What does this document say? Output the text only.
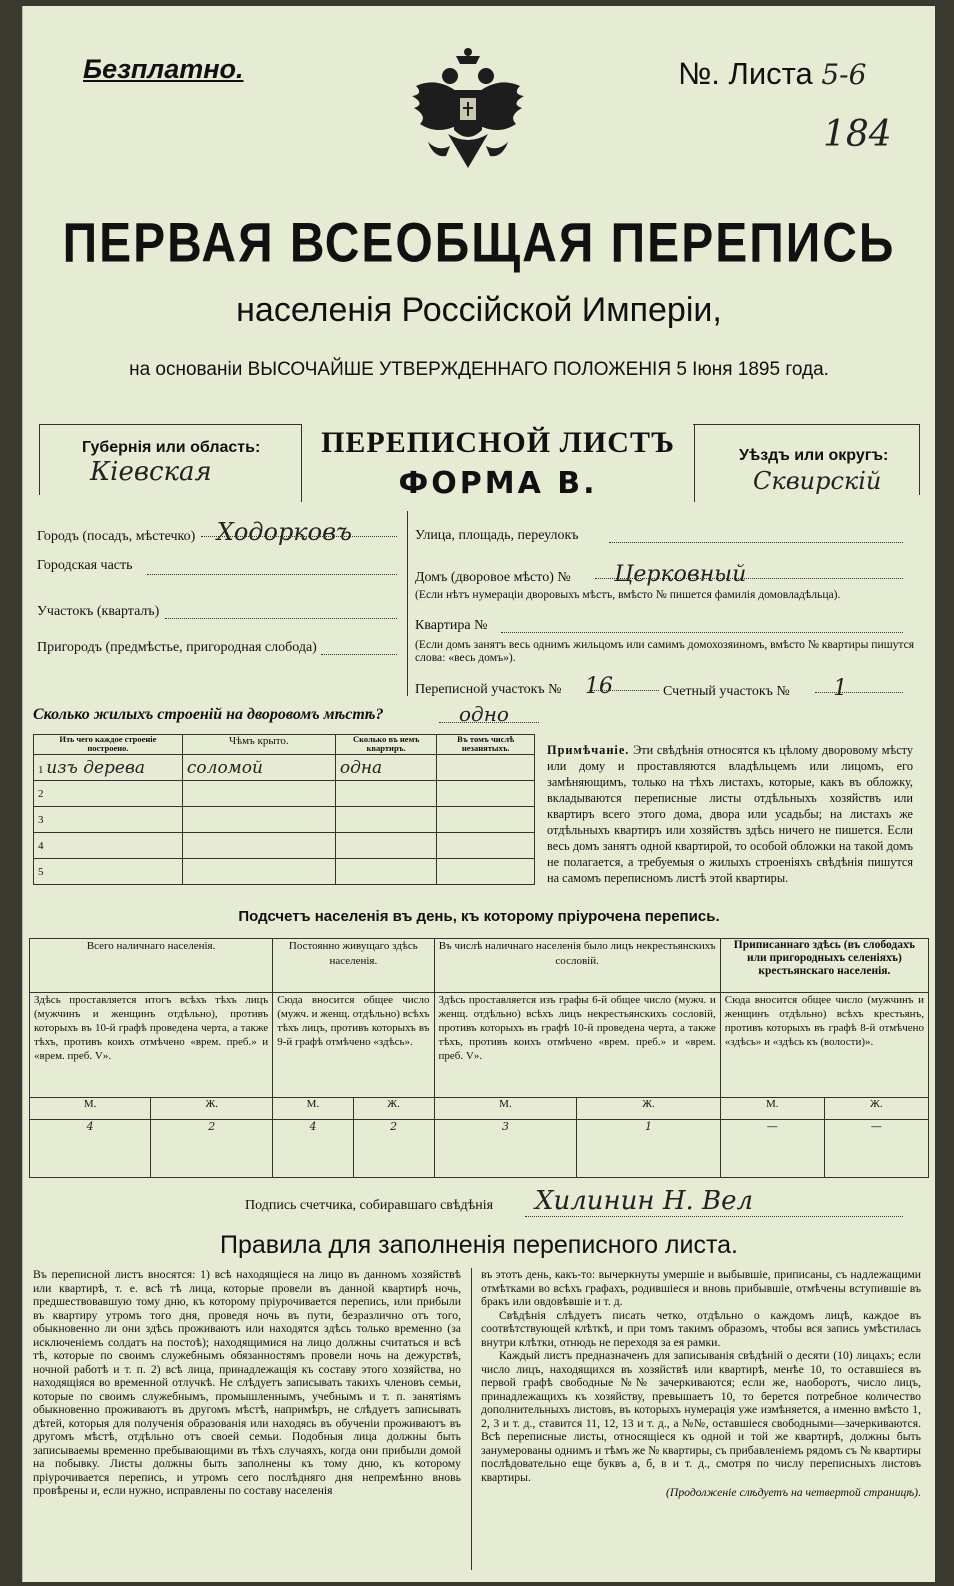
Безплатно.	№. Листа 5-6
184
ПЕРВАЯ ВСЕОБЩАЯ ПЕРЕПИСЬ
населенія Россійской Имперіи,
на основаніи ВЫСОЧАЙШЕ УТВЕРЖДЕННАГО ПОЛОЖЕНІЯ 5 Іюня 1895 года.
Губернія или область:
Кіевская
ПЕРЕПИСНОЙ ЛИСТЪ
ФОРМА В.
Уѣздъ или округъ:
Сквирскій
Городъ (посадъ, мѣстечко) Ходорковъ
Городская часть
Участокъ (кварталъ)
Пригородъ (предмѣстье, пригородная слобода)
Улица, площадь, переулокъ
Домъ (дворовое мѣсто) № Церковный
(Если нѣтъ нумераціи дворовыхъ мѣстъ, вмѣсто № пишется фамилія домовладѣльца).
Квартира №
(Если домъ занятъ весь однимъ жильцомъ или самимъ домохозяиномъ, вмѣсто № квартиры пишутся слова: «весь домъ»).
Переписной участокъ № 16	Счетный участокъ № 1
Сколько жилыхъ строеній на дворовомъ мѣстѣ?	одно
Изъ чего каждое строеніе построено.	Чѣмъ крыто.	Сколько въ немъ квартиръ.	Въ томъ числѣ незанятыхъ.
1 изъ дерева	соломой	одна	
2			
3			
4			
5			
Примѣчаніе. Эти свѣдѣнія относятся къ цѣлому дворовому мѣсту или дому и проставляются владѣльцемъ или лицомъ, его замѣняющимъ, только на тѣхъ листахъ, которые, какъ въ обложку, вкладываются переписные листы отдѣльныхъ хозяйствъ или квартиръ всего этого дома, двора или усадьбы; на листахъ же отдѣльныхъ квартиръ или хозяйствъ здѣсь ничего не пишется. Если весь домъ занятъ одной квартирой, то особой обложки на такой домъ не полагается, а требуемыя о жилыхъ строеніяхъ свѣдѣнія пишутся на самомъ переписномъ листѣ этой квартиры.
Подсчетъ населенія въ день, къ которому пріурочена перепись.
Всего наличнаго населенія.		Постоянно живущаго здѣсь населенія.		Въ числѣ наличнаго населенія было лицъ некрестьянскихъ сословій.		Приписаннаго здѣсь (въ слободахъ или пригородныхъ селеніяхъ) крестьянскаго населенія.	
Здѣсь проставляется итогъ всѣхъ тѣхъ лицъ (мужчинъ и женщинъ отдѣльно), противъ которыхъ въ 10-й графѣ проведена черта, а также тѣхъ, противъ коихъ отмѣчено «врем. преб.» и «врем. преб. V».		Сюда вносится общее число (мужч. и женщ. отдѣльно) всѣхъ тѣхъ лицъ, противъ которыхъ въ 9-й графѣ отмѣчено «здѣсь».		Здѣсь проставляется изъ графы 6-й общее число (мужч. и женщ. отдѣльно) всѣхъ лицъ некрестьянскихъ сословій, противъ которыхъ въ графѣ 10-й проведена черта, а также тѣхъ, противъ коихъ отмѣчено «врем. преб.» и «врем. преб. V».		Сюда вносится общее число (мужчинъ и женщинъ отдѣльно) всѣхъ крестьянъ, противъ которыхъ въ графѣ 8-й отмѣчено «здѣсь» и «здѣсь къ (волости)».	
М.	Ж.	М.	Ж.	М.	Ж.	М.	Ж.
4	2	4	2	3	1	—	—
Подпись счетчика, собиравшаго свѣдѣнія Хилинин Н. Вел
Правила для заполненія переписного листа.
Въ переписной листъ вносятся: 1) всѣ находящіеся на лицо въ данномъ хозяйствѣ или квартирѣ, т. е. всѣ тѣ лица, которые провели въ данной квартирѣ ночь, предшествовавшую тому дню, къ которому пріурочивается перепись, или прибыли въ квартиру утромъ того дня, проведя ночь въ пути, безразлично отъ того, обыкновенно ли они здѣсь проживаютъ или находятся здѣсь только временно (за исключеніемъ солдатъ на постоѣ); находящимися на лицо должны считаться и всѣ тѣ, которые по своимъ служебнымъ обязанностямъ провели ночь на дежурствѣ, ночной работѣ и т. п. 2) всѣ лица, принадлежащія къ составу этого хозяйства, но находящіяся во временной отлучкѣ. Не слѣдуетъ записывать такихъ членовъ семьи, которые по своимъ служебнымъ, промышленнымъ, учебнымъ и т. п. занятіямъ обыкновенно проживаютъ въ другомъ мѣстѣ, напримѣръ, не слѣдуетъ записывать дѣтей, которыя для полученія образованія или находясь въ обученіи проживаютъ въ другомъ мѣстѣ, отдѣльно отъ своей семьи. Подобныя лица должны быть записываемы временно пребывающими въ тѣхъ случаяхъ, когда они прибыли домой на побывку. Листы должны быть заполнены къ тому дню, къ которому пріурочивается перепись, и утромъ сего послѣдняго дня непремѣнно вновь провѣрены и, если нужно, исправлены по составу населенія
въ этотъ день, какъ-то: вычеркнуты умершіе и выбывшіе, приписаны, съ надлежащими отмѣтками во всѣхъ графахъ, родившіеся и вновь прибывшіе, отмѣчены вступившіе въ бракъ или овдовѣвшіе и т. д.
Свѣдѣнія слѣдуетъ писать четко, отдѣльно о каждомъ лицѣ, каждое въ соотвѣтствующей клѣткѣ, и при томъ такимъ образомъ, чтобы вся запись умѣстилась внутри клѣтки, отнюдь не переходя за ея рамки.
Каждый листъ предназначенъ для записыванія свѣдѣній о десяти (10) лицахъ; если число лицъ, находящихся въ хозяйствѣ или квартирѣ, менѣе 10, то оставшіеся въ первой графѣ свободные №№ зачеркиваются; если же, наоборотъ, число лицъ, принадлежащихъ къ хозяйству, превышаетъ 10, то берется потребное количество дополнительныхъ листовъ, въ которыхъ нумерація уже измѣняется, а именно вмѣсто 1, 2, 3 и т. д., ставится 11, 12, 13 и т. д., а №№, оставшіеся свободными—зачеркиваются. Всѣ переписные листы, относящіеся къ одной и той же квартирѣ, должны быть занумерованы однимъ и тѣмъ же № квартиры, съ прибавленіемъ рядомъ съ № квартиры послѣдовательно еще буквъ а, б, в и т. д., смотря по числу переписныхъ листовъ квартиры.
(Продолженіе слѣдуетъ на четвертой страницѣ).
